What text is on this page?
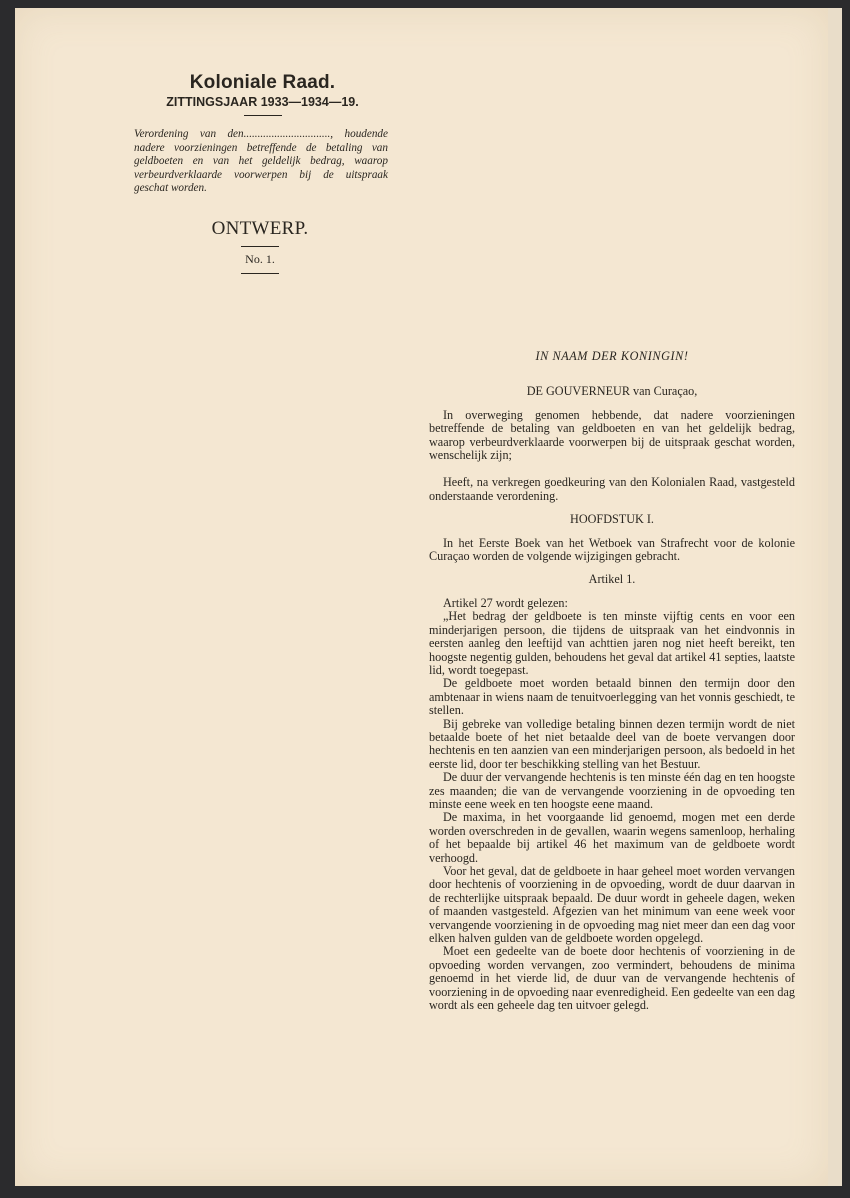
Koloniale Raad.
ZITTINGSJAAR 1933—1934—19.
Verordening van den..............................., houdende nadere voorzieningen betreffende de betaling van geldboeten en van het geldelijk bedrag, waarop verbeurdverklaarde voorwerpen bij de uitspraak geschat worden.
ONTWERP.
No. 1.
IN NAAM DER KONINGIN!
DE GOUVERNEUR van Curaçao,

In overweging genomen hebbende, dat nadere voorzieningen betreffende de betaling van geldboeten en van het geldelijk bedrag, waarop verbeurdverklaarde voorwerpen bij de uitspraak geschat worden, wenschelijk zijn;

Heeft, na verkregen goedkeuring van den Kolonialen Raad, vastgesteld onderstaande verordening.

HOOFDSTUK I.

In het Eerste Boek van het Wetboek van Strafrecht voor de kolonie Curaçao worden de volgende wijzigingen gebracht.

Artikel 1.

Artikel 27 wordt gelezen:

„Het bedrag der geldboete is ten minste vijftig cents en voor een minderjarigen persoon, die tijdens de uitspraak van het eindvonnis in eersten aanleg den leeftijd van achttien jaren nog niet heeft bereikt, ten hoogste negentig gulden, behoudens het geval dat artikel 41 septies, laatste lid, wordt toegepast.

De geldboete moet worden betaald binnen den termijn door den ambtenaar in wiens naam de tenuitvoerlegging van het vonnis geschiedt, te stellen.

Bij gebreke van volledige betaling binnen dezen termijn wordt de niet betaalde boete of het niet betaalde deel van de boete vervangen door hechtenis en ten aanzien van een minderjarigen persoon, als bedoeld in het eerste lid, door ter beschikking stelling van het Bestuur.

De duur der vervangende hechtenis is ten minste één dag en ten hoogste zes maanden; die van de vervangende voorziening in de opvoeding ten minste eene week en ten hoogste eene maand.

De maxima, in het voorgaande lid genoemd, mogen met een derde worden overschreden in de gevallen, waarin wegens samenloop, herhaling of het bepaalde bij artikel 46 het maximum van de geldboete wordt verhoogd.

Voor het geval, dat de geldboete in haar geheel moet worden vervangen door hechtenis of voorziening in de opvoeding, wordt de duur daarvan in de rechterlijke uitspraak bepaald. De duur wordt in geheele dagen, weken of maanden vastgesteld. Afgezien van het minimum van eene week voor vervangende voorziening in de opvoeding mag niet meer dan een dag voor elken halven gulden van de geldboete worden opgelegd.

Moet een gedeelte van de boete door hechtenis of voorziening in de opvoeding worden vervangen, zoo vermindert, behoudens de minima genoemd in het vierde lid, de duur van de vervangende hechtenis of voorziening in de opvoeding naar evenredigheid. Een gedeelte van een dag wordt als een geheele dag ten uitvoer gelegd.
